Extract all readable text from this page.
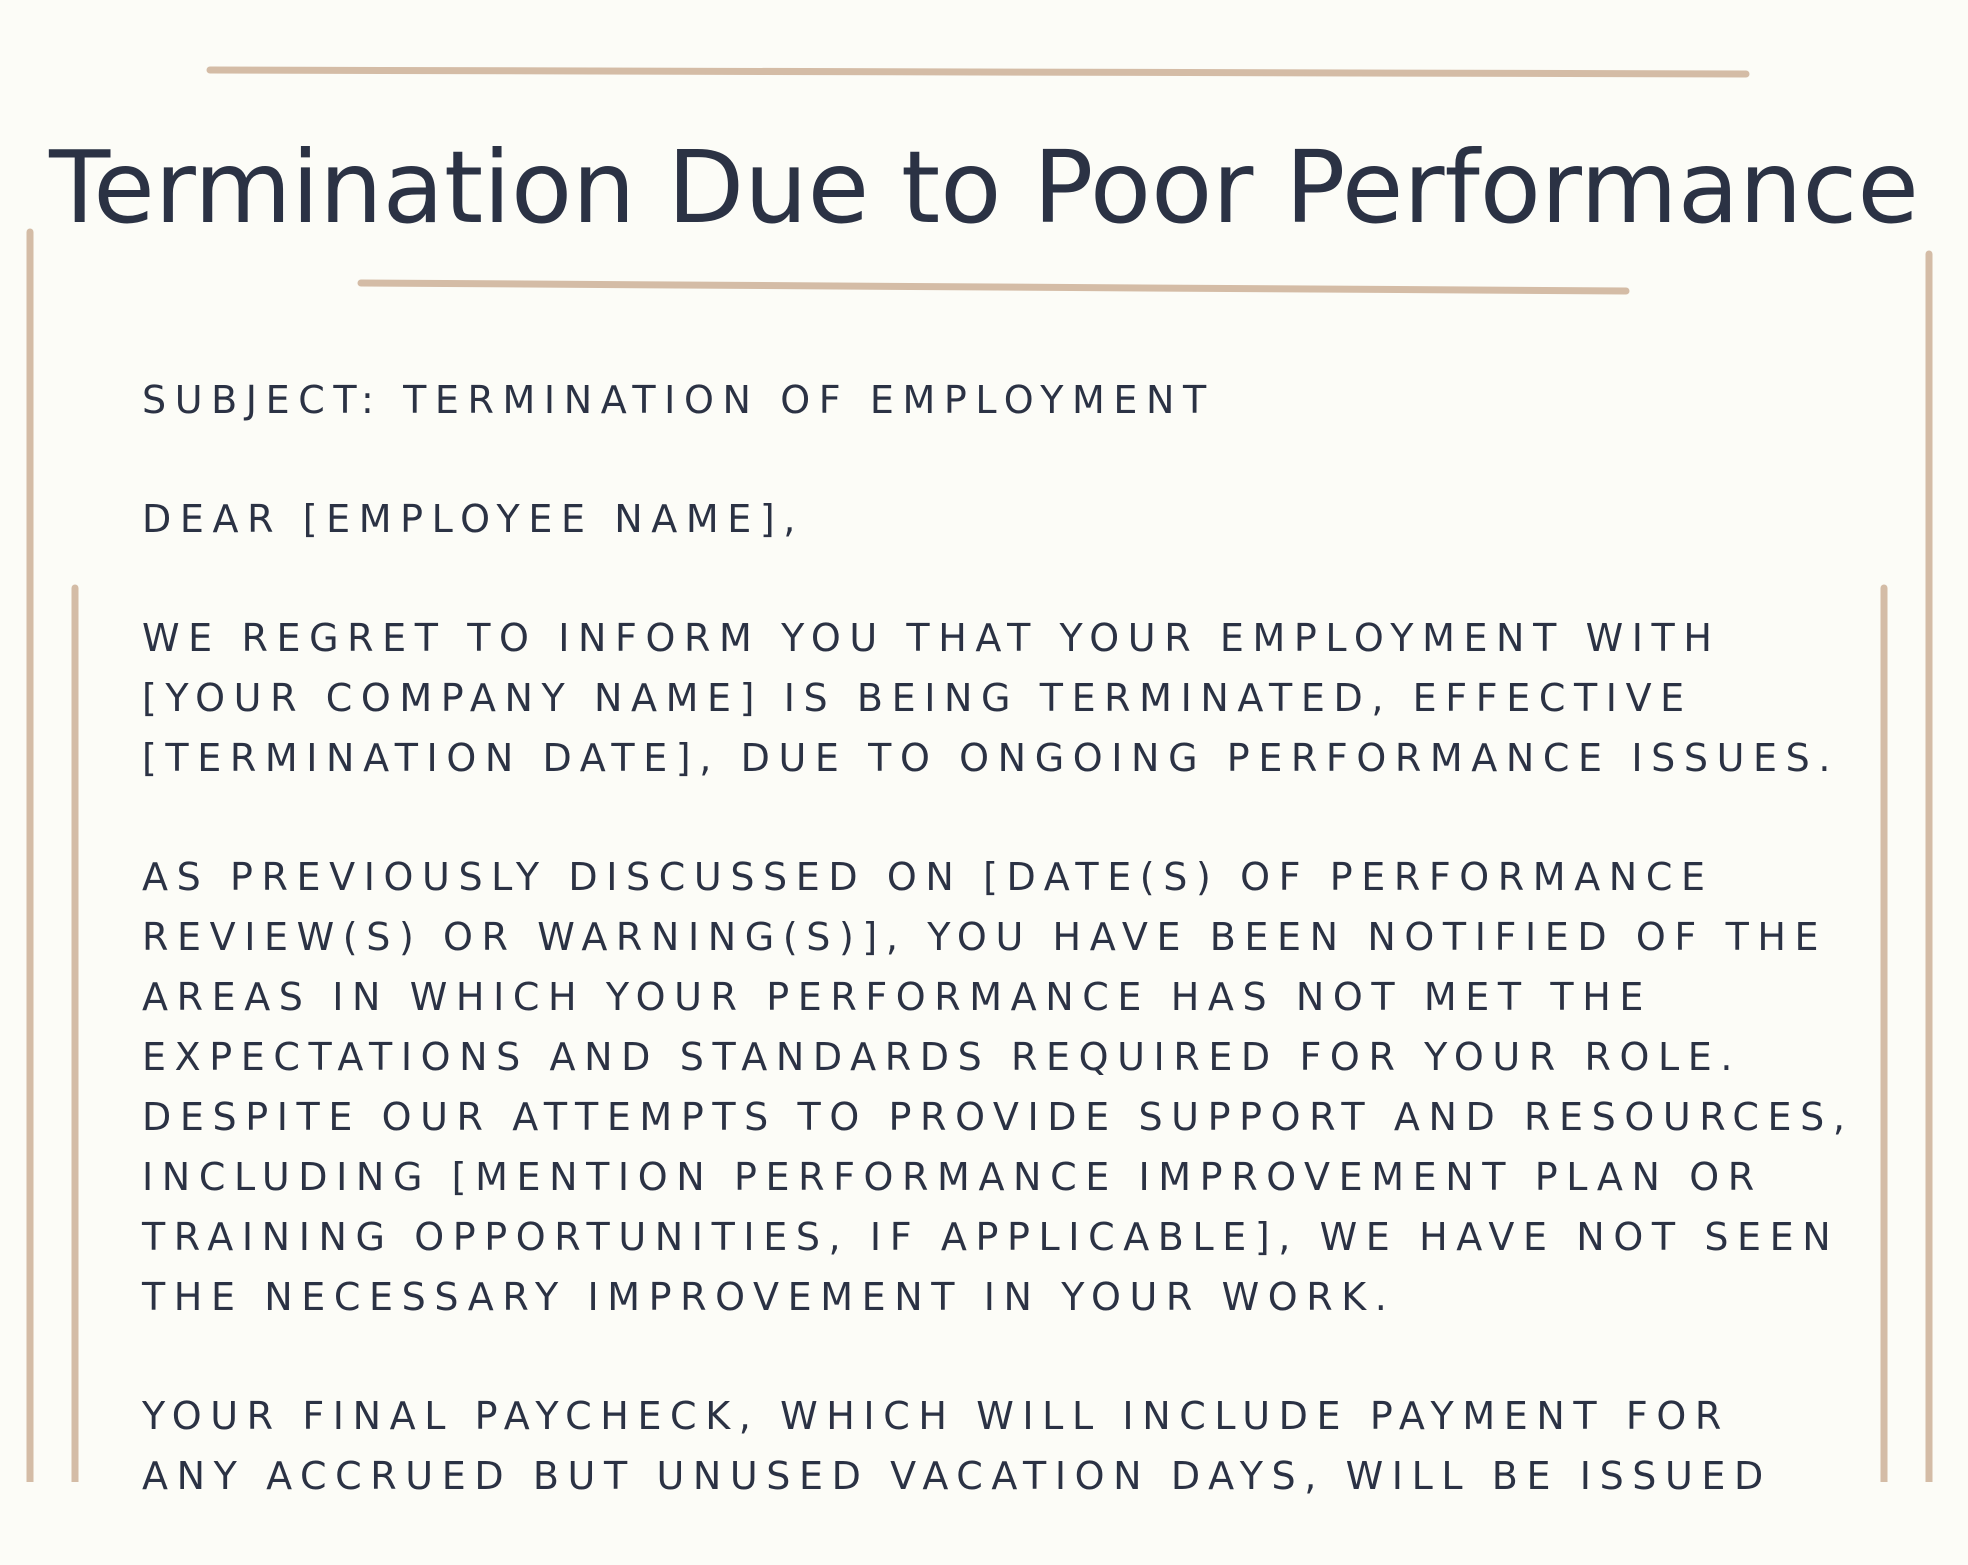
Termination Due to Poor Performance

SUBJECT: TERMINATION OF EMPLOYMENT

DEAR [EMPLOYEE NAME],

WE REGRET TO INFORM YOU THAT YOUR EMPLOYMENT WITH
[YOUR COMPANY NAME] IS BEING TERMINATED, EFFECTIVE
[TERMINATION DATE], DUE TO ONGOING PERFORMANCE ISSUES.

AS PREVIOUSLY DISCUSSED ON [DATE(S) OF PERFORMANCE
REVIEW(S) OR WARNING(S)], YOU HAVE BEEN NOTIFIED OF THE
AREAS IN WHICH YOUR PERFORMANCE HAS NOT MET THE
EXPECTATIONS AND STANDARDS REQUIRED FOR YOUR ROLE.
DESPITE OUR ATTEMPTS TO PROVIDE SUPPORT AND RESOURCES,
INCLUDING [MENTION PERFORMANCE IMPROVEMENT PLAN OR
TRAINING OPPORTUNITIES, IF APPLICABLE], WE HAVE NOT SEEN
THE NECESSARY IMPROVEMENT IN YOUR WORK.

YOUR FINAL PAYCHECK, WHICH WILL INCLUDE PAYMENT FOR
ANY ACCRUED BUT UNUSED VACATION DAYS, WILL BE ISSUED
